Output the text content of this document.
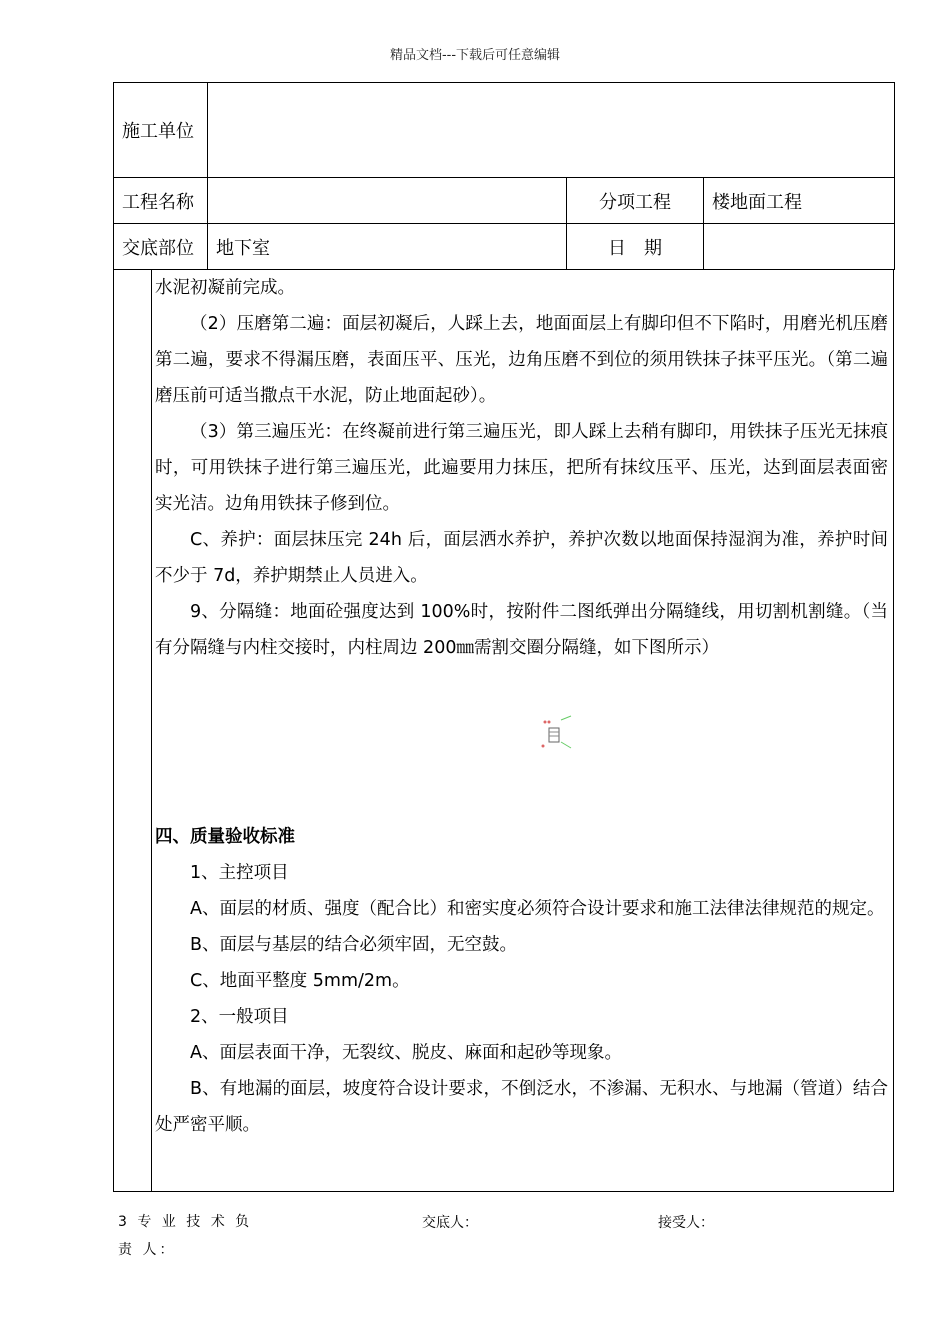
精品文档---下载后可任意编辑
施工单位			
工程名称		分项工程	楼地面工程
交底部位	地下室	日　期	

水泥初凝前完成。

（2）压磨第二遍：面层初凝后，人踩上去，地面面层上有脚印但不下陷时，用磨光机压磨第二遍，要求不得漏压磨，表面压平、压光，边角压磨不到位的须用铁抹子抹平压光。（第二遍磨压前可适当撒点干水泥，防止地面起砂）。

（3）第三遍压光：在终凝前进行第三遍压光，即人踩上去稍有脚印，用铁抹子压光无抹痕时，可用铁抹子进行第三遍压光，此遍要用力抹压，把所有抹纹压平、压光，达到面层表面密实光洁。边角用铁抹子修到位。

C、养护：面层抹压完 24h 后，面层洒水养护，养护次数以地面保持湿润为准，养护时间不少于 7d，养护期禁止人员进入。

9、分隔缝：地面砼强度达到 100%时，按附件二图纸弹出分隔缝线，用切割机割缝。（当有分隔缝与内柱交接时，内柱周边 200㎜需割交圈分隔缝，如下图所示）

四、质量验收标准

1、主控项目

A、面层的材质、强度（配合比）和密实度必须符合设计要求和施工法律法律规范的规定。

B、面层与基层的结合必须牢固，无空鼓。

C、地面平整度 5mm/2m。

2、一般项目

A、面层表面干净，无裂纹、脱皮、麻面和起砂等现象。

B、有地漏的面层，坡度符合设计要求，不倒泛水，不渗漏、无积水、与地漏（管道）结合处严密平顺。

3 专 业 技 术 负 责 人：
交底人：	接受人：
